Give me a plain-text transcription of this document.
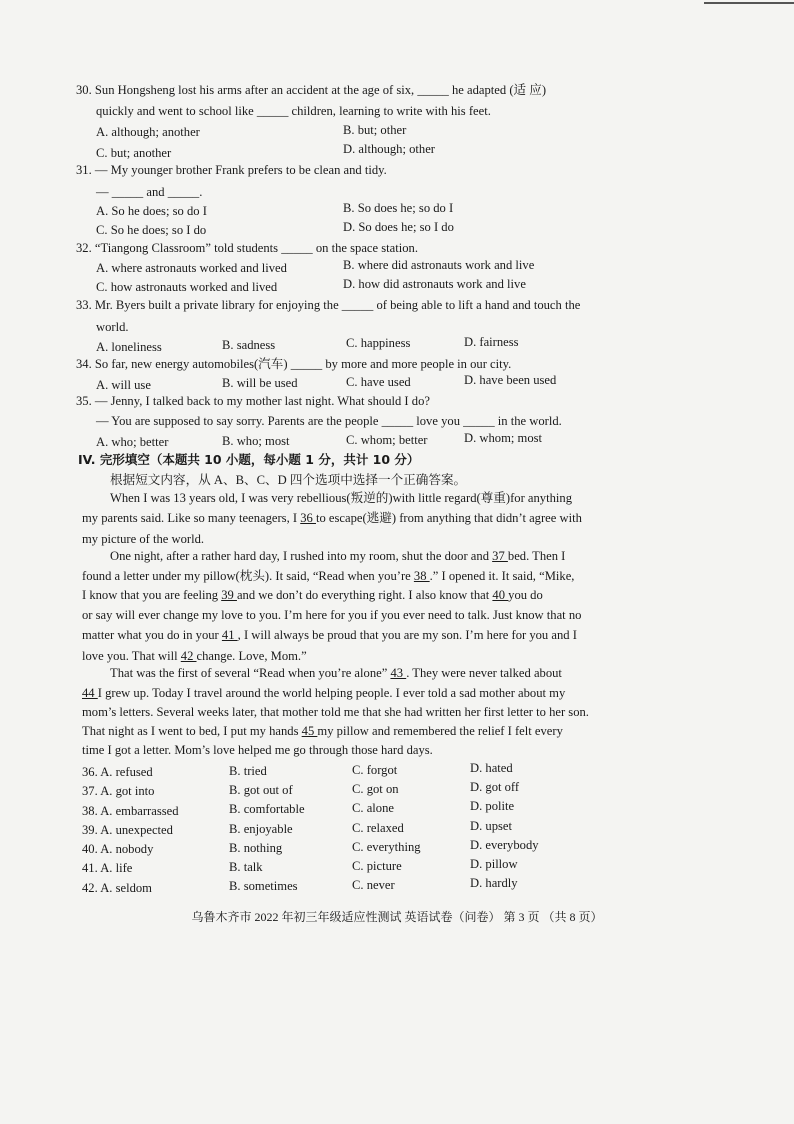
30. Sun Hongsheng lost his arms after an accident at the age of six, _____ he adapted (适 应)
quickly and went to school like _____ children, learning to write with his feet.
A. although; another	B. but; other
C. but; another	D. although; other
31. — My younger brother Frank prefers to be clean and tidy.
— _____ and _____.
A. So he does; so do I	B. So does he; so do I
C. So he does; so I do	D. So does he; so I do
32. “Tiangong Classroom” told students _____ on the space station.
A. where astronauts worked and lived	B. where did astronauts work and live
C. how astronauts worked and lived	D. how did astronauts work and live
33. Mr. Byers built a private library for enjoying the _____ of being able to lift a hand and touch the
world.
A. loneliness	B. sadness	C. happiness	D. fairness
34. So far, new energy automobiles(汽车) _____ by more and more people in our city.
A. will use	B. will be used	C. have used	D. have been used
35. — Jenny, I talked back to my mother last night. What should I do?
— You are supposed to say sorry. Parents are the people _____ love you _____ in the world.
A. who; better	B. who; most	C. whom; better	D. whom; most
IV. 完形填空（本题共 10 小题，每小题 1 分，共计 10 分）
根据短文内容，从 A、B、C、D 四个选项中选择一个正确答案。
When I was 13 years old, I was very rebellious(叛逆的)with little regard(尊重)for anything
my parents said. Like so many teenagers, I 36 to escape(逃避) from anything that didn’t agree with
my picture of the world.
One night, after a rather hard day, I rushed into my room, shut the door and 37 bed. Then I
found a letter under my pillow(枕头). It said, “Read when you’re 38 .” I opened it. It said, “Mike,
I know that you are feeling 39 and we don’t do everything right. I also know that 40 you do
or say will ever change my love to you. I’m here for you if you ever need to talk. Just know that no
matter what you do in your 41 , I will always be proud that you are my son. I’m here for you and I
love you. That will 42 change. Love, Mom.”
That was the first of several “Read when you’re alone” 43 . They were never talked about
44 I grew up. Today I travel around the world helping people. I ever told a sad mother about my
mom’s letters. Several weeks later, that mother told me that she had written her first letter to her son.
That night as I went to bed, I put my hands 45 my pillow and remembered the relief I felt every
time I got a letter. Mom’s love helped me go through those hard days.
36. A. refused	B. tried	C. forgot	D. hated
37. A. got into	B. got out of	C. got on	D. got off
38. A. embarrassed	B. comfortable	C. alone	D. polite
39. A. unexpected	B. enjoyable	C. relaxed	D. upset
40. A. nobody	B. nothing	C. everything	D. everybody
41. A. life	B. talk	C. picture	D. pillow
42. A. seldom	B. sometimes	C. never	D. hardly
乌鲁木齐市 2022 年初三年级适应性测试 英语试卷（问卷） 第 3 页 （共 8 页）
